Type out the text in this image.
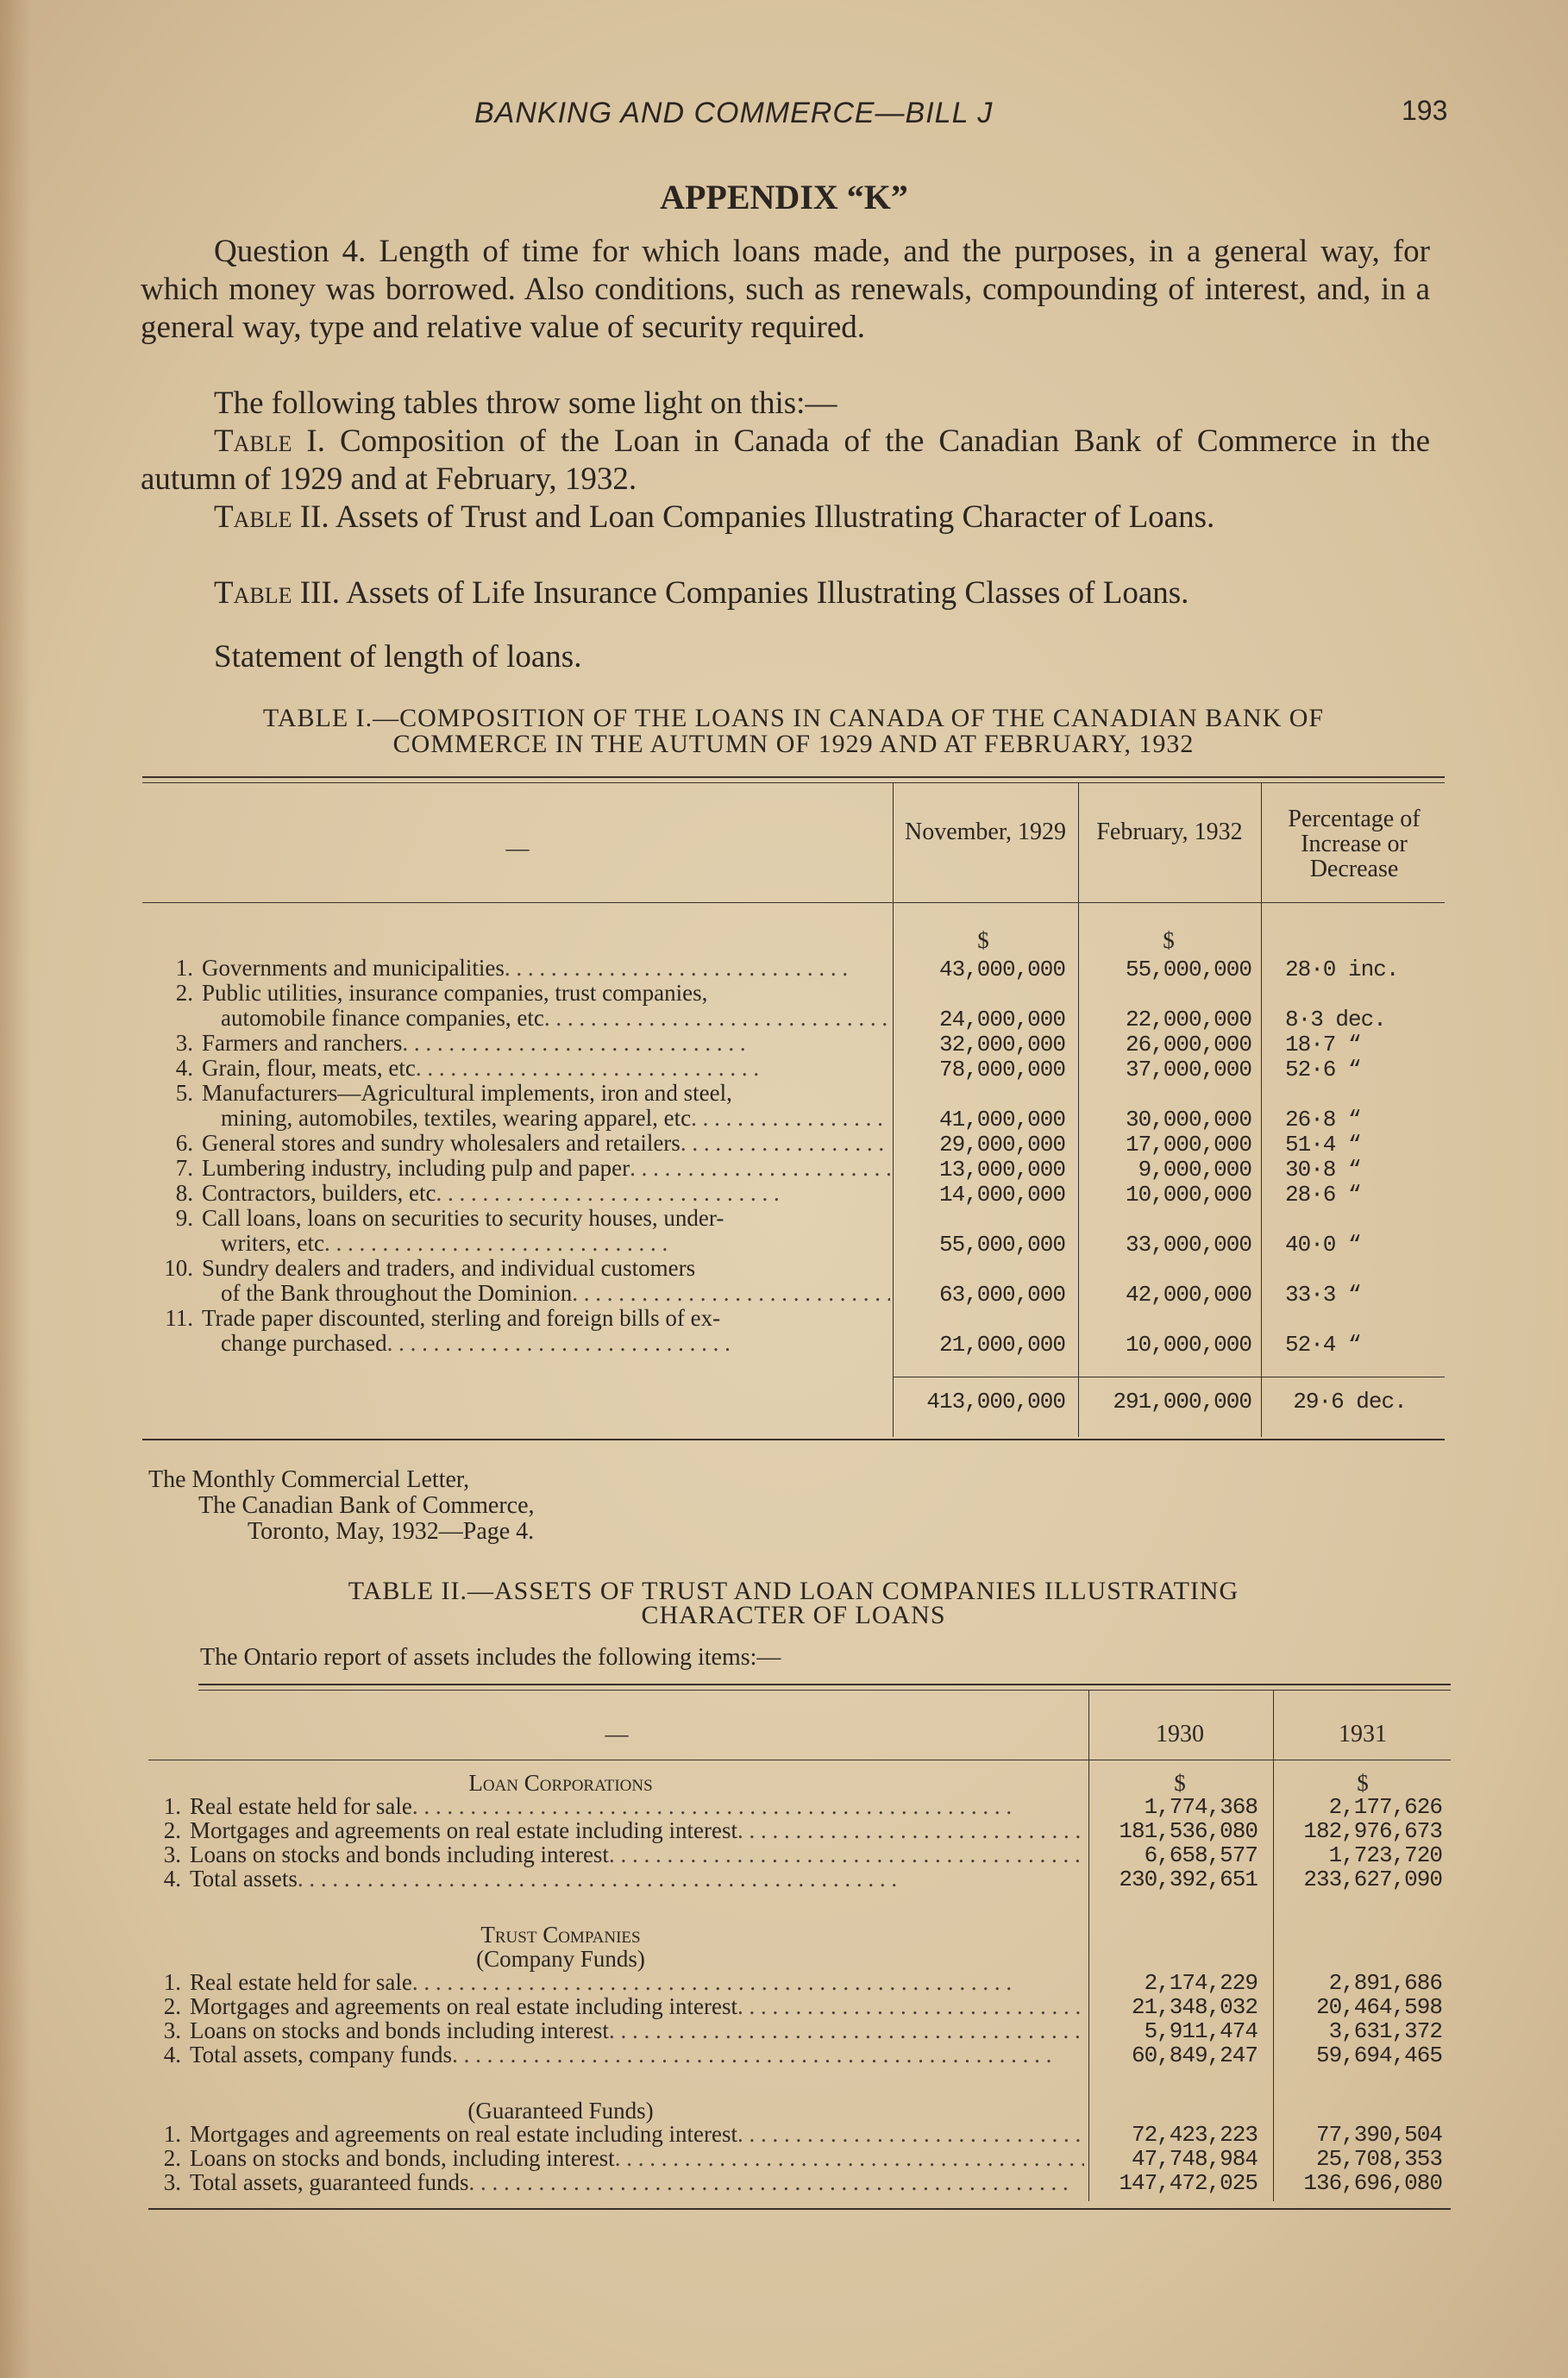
BANKING AND COMMERCE—BILL J	193
APPENDIX “K”
Question 4. Length of time for which loans made, and the purposes, in a general way, for which money was borrowed. Also conditions, such as renewals, compounding of interest, and, in a general way, type and relative value of security required.
The following tables throw some light on this:—
Table I. Composition of the Loan in Canada of the Canadian Bank of Commerce in the autumn of 1929 and at February, 1932.
Table II. Assets of Trust and Loan Companies Illustrating Character of Loans.
Table III. Assets of Life Insurance Companies Illustrating Classes of Loans.
Statement of length of loans.
TABLE I.—COMPOSITION OF THE LOANS IN CANADA OF THE CANADIAN BANK OF
COMMERCE IN THE AUTUMN OF 1929 AND AT FEBRUARY, 1932
—
November, 1929	February, 1932	Percentage of Increase or Decrease
$	$
1. Governments and municipalities . . .	43,000,000	55,000,000 28·0 inc.
2. Public utilities, insurance companies, trust companies,
automobile finance companies, etc . . .	24,000,000	22,000,000 8·3 dec.
3. Farmers and ranchers . . .	32,000,000	26,000,000 18·7 “
4. Grain, flour, meats, etc . . .	78,000,000	37,000,000 52·6 “
5. Manufacturers—Agricultural implements, iron and steel,
mining, automobiles, textiles, wearing apparel, etc . . .	41,000,000	30,000,000 26·8 “
6. General stores and sundry wholesalers and retailers . . .	29,000,000	17,000,000 51·4 “
7. Lumbering industry, including pulp and paper . . .	13,000,000	9,000,000 30·8 “
8. Contractors, builders, etc . . .	14,000,000	10,000,000 28·6 “
9. Call loans, loans on securities to security houses, under-
writers, etc . . .	55,000,000	33,000,000 40·0 “
10. Sundry dealers and traders, and individual customers
of the Bank throughout the Dominion . . .	63,000,000	42,000,000 33·3 “
11. Trade paper discounted, sterling and foreign bills of ex-
change purchased . . .	21,000,000	10,000,000 52·4 “
413,000,000	291,000,000	29·6 dec.
The Monthly Commercial Letter,
The Canadian Bank of Commerce,
Toronto, May, 1932—Page 4.
TABLE II.—ASSETS OF TRUST AND LOAN COMPANIES ILLUSTRATING
CHARACTER OF LOANS
The Ontario report of assets includes the following items:—
—	1930	1931
$	$
Loan Corporations
1. Real estate held for sale . . .	1,774,368	2,177,626
2. Mortgages and agreements on real estate including interest . . .	181,536,080	182,976,673
3. Loans on stocks and bonds including interest . . .	6,658,577	1,723,720
4. Total assets . . .	230,392,651	233,627,090
Trust Companies
(Company Funds)
1. Real estate held for sale . . .	2,174,229	2,891,686
2. Mortgages and agreements on real estate including interest . . .	21,348,032	20,464,598
3. Loans on stocks and bonds including interest . . .	5,911,474	3,631,372
4. Total assets, company funds . . .	60,849,247	59,694,465
(Guaranteed Funds)
1. Mortgages and agreements on real estate including interest . . .	72,423,223	77,390,504
2. Loans on stocks and bonds, including interest . . .	47,748,984	25,708,353
3. Total assets, guaranteed funds . . .	147,472,025	136,696,080
